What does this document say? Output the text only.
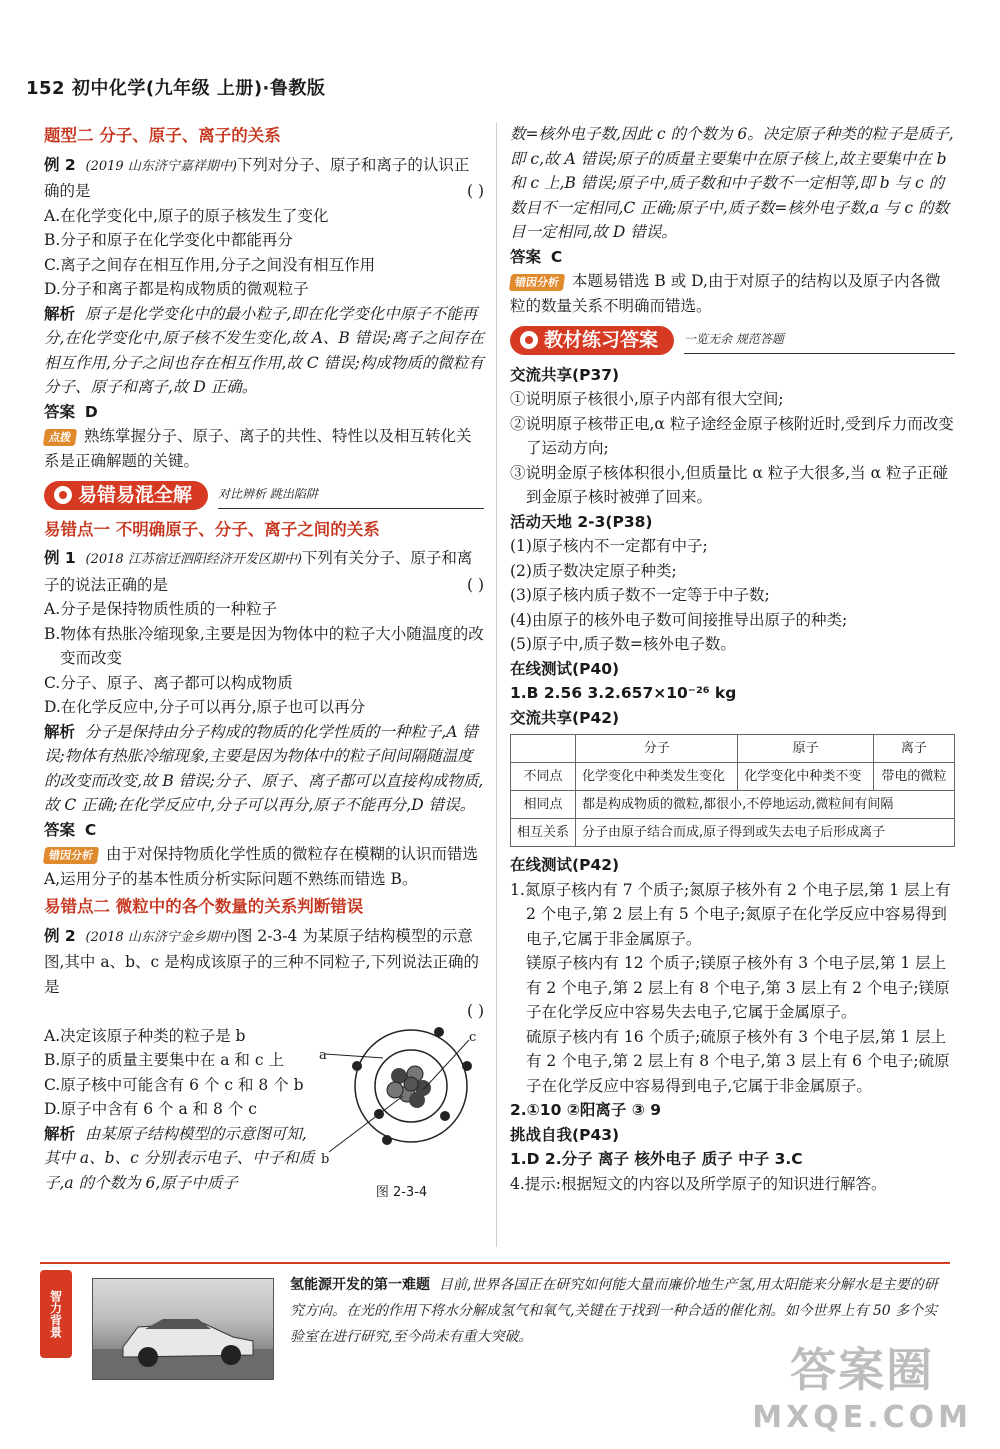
152 初中化学(九年级 上册)·鲁教版

题型二 分子、原子、离子的关系

例 2 (2019 山东济宁嘉祥期中)下列对分子、原子和离子的认识正确的是	( )

A.在化学变化中,原子的原子核发生了变化

B.分子和原子在化学变化中都能再分

C.离子之间存在相互作用,分子之间没有相互作用

D.分子和离子都是构成物质的微观粒子

解析 原子是化学变化中的最小粒子,即在化学变化中原子不能再分,在化学变化中,原子核不发生变化,故 A、B 错误;离子之间存在相互作用,分子之间也存在相互作用,故 C 错误;构成物质的微粒有分子、原子和离子,故 D 正确。

答案 D

点拨 熟练掌握分子、原子、离子的共性、特性以及相互转化关系是正确解题的关键。

易错易混全解 对比辨析 跳出陷阱

易错点一 不明确原子、分子、离子之间的关系

例 1 (2018 江苏宿迁泗阳经济开发区期中)下列有关分子、原子和离子的说法正确的是	( )

A.分子是保持物质性质的一种粒子

B.物体有热胀冷缩现象,主要是因为物体中的粒子大小随温度的改变而改变

C.分子、原子、离子都可以构成物质

D.在化学反应中,分子可以再分,原子也可以再分

解析 分子是保持由分子构成的物质的化学性质的一种粒子,A 错误;物体有热胀冷缩现象,主要是因为物体中的粒子间间隔随温度的改变而改变,故 B 错误;分子、原子、离子都可以直接构成物质,故 C 正确;在化学反应中,分子可以再分,原子不能再分,D 错误。

答案 C

错因分析 由于对保持物质化学性质的微粒存在模糊的认识而错选 A,运用分子的基本性质分析实际问题不熟练而错选 B。

易错点二 微粒中的各个数量的关系判断错误

例 2 (2018 山东济宁金乡期中)图 2-3-4 为某原子结构模型的示意图,其中 a、b、c 是构成该原子的三种不同粒子,下列说法正确的是

( )

A.决定该原子种类的粒子是 b

B.原子的质量主要集中在 a 和 c 上

C.原子核中可能含有 6 个 c 和 8 个 b

D.原子中含有 6 个 a 和 8 个 c

解析 由某原子结构模型的示意图可知,其中 a、b、c 分别表示电子、中子和质子,a 的个数为 6,原子中质子

a
b
c
图 2-3-4

数=核外电子数,因此 c 的个数为 6。决定原子种类的粒子是质子,即 c,故 A 错误;原子的质量主要集中在原子核上,故主要集中在 b 和 c 上,B 错误;原子中,质子数和中子数不一定相等,即 b 与 c 的数目不一定相同,C 正确;原子中,质子数=核外电子数,a 与 c 的数目一定相同,故 D 错误。

答案 C

错因分析 本题易错选 B 或 D,由于对原子的结构以及原子内各微粒的数量关系不明确而错选。

教材练习答案 一览无余 规范答题

交流共享(P37)

①说明原子核很小,原子内部有很大空间;

②说明原子核带正电,α 粒子途经金原子核附近时,受到斥力而改变了运动方向;

③说明金原子核体积很小,但质量比 α 粒子大很多,当 α 粒子正碰到金原子核时被弹了回来。

活动天地 2-3(P38)

(1)原子核内不一定都有中子;

(2)质子数决定原子种类;

(3)原子核内质子数不一定等于中子数;

(4)由原子的核外电子数可间接推导出原子的种类;

(5)原子中,质子数=核外电子数。

在线测试(P40)

1.B 2.56 3.2.657×10⁻²⁶ kg

交流共享(P42)

	分子	原子	离子
不同点	化学变化中种类发生变化	化学变化中种类不变	带电的微粒
相同点	都是构成物质的微粒,都很小,不停地运动,微粒间有间隔		
相互关系	分子由原子结合而成,原子得到或失去电子后形成离子		

在线测试(P42)

1.氮原子核内有 7 个质子;氮原子核外有 2 个电子层,第 1 层上有 2 个电子,第 2 层上有 5 个电子;氮原子在化学反应中容易得到电子,它属于非金属原子。

镁原子核内有 12 个质子;镁原子核外有 3 个电子层,第 1 层上有 2 个电子,第 2 层上有 8 个电子,第 3 层上有 2 个电子;镁原子在化学反应中容易失去电子,它属于金属原子。

硫原子核内有 16 个质子;硫原子核外有 3 个电子层,第 1 层上有 2 个电子,第 2 层上有 8 个电子,第 3 层上有 6 个电子;硫原子在化学反应中容易得到电子,它属于非金属原子。

2.①10 ②阳离子 ③ 9

挑战自我(P43)

1.D 2.分子 离子 核外电子 质子 中子 3.C

4.提示:根据短文的内容以及所学原子的知识进行解答。

智力背景
氢能源开发的第一难题 目前,世界各国正在研究如何能大量而廉价地生产氢,用太阳能来分解水是主要的研究方向。在光的作用下将水分解成氢气和氧气,关键在于找到一种合适的催化剂。如今世界上有 50 多个实验室在进行研究,至今尚未有重大突破。
答案圈
MXQE.COM
